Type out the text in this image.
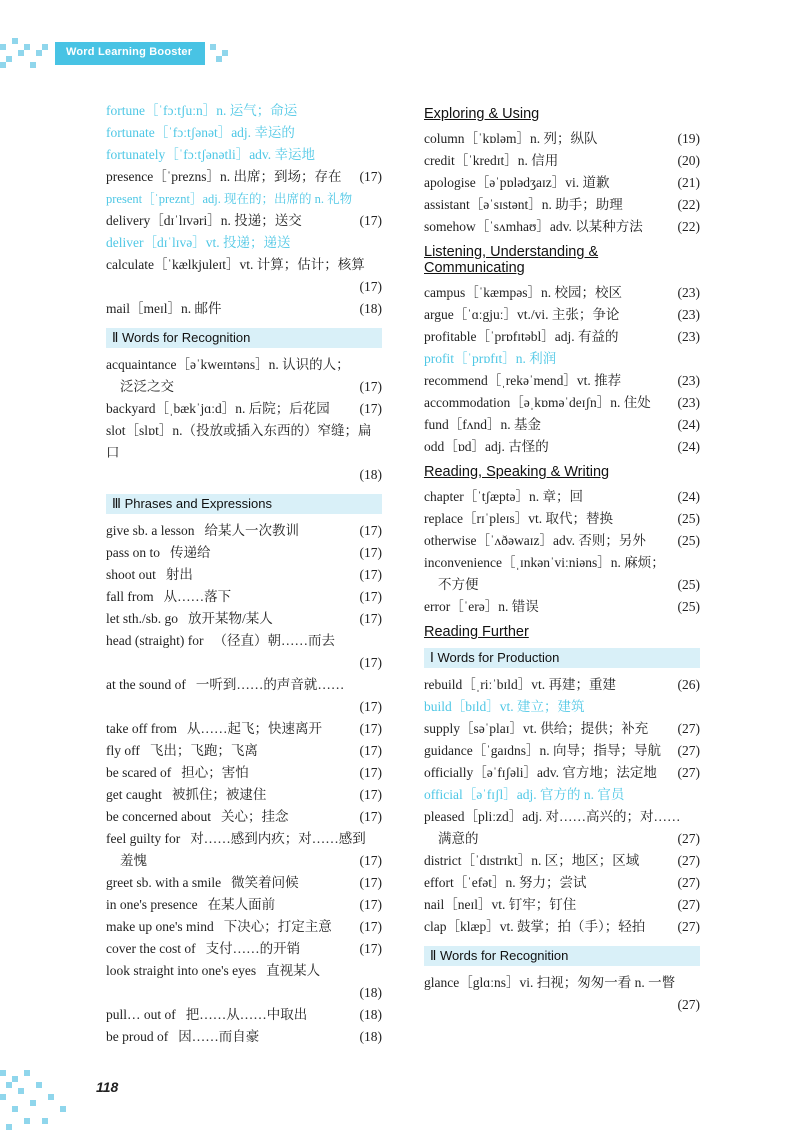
Word Learning Booster
fortune［ˈfɔːtʃuːn］n. 运气；命运
fortunate［ˈfɔːtʃənət］adj. 幸运的
fortunately［ˈfɔːtʃənətli］adv. 幸运地
presence［ˈprezns］n. 出席；到场；存在 (17)
present［ˈpreznt］adj. 现在的；出席的 n. 礼物
delivery［dɪˈlɪvəri］n. 投递；送交	(17)
deliver［dɪˈlɪvə］vt. 投递；递送
calculate［ˈkælkjuleɪt］vt. 计算；估计；核算
(17)
mail［meɪl］n. 邮件	(18)
Ⅱ Words for Recognition
acquaintance［əˈkweɪntəns］n. 认识的人；
泛泛之交	(17)
backyard［ˌbækˈjɑːd］n. 后院；后花园 (17)
slot［slɒt］n.（投放或插入东西的）窄缝；扁口
(18)
Ⅲ Phrases and Expressions
give sb. a lesson 给某人一次教训	(17)
pass on to 传递给	(17)
shoot out 射出	(17)
fall from 从……落下	(17)
let sth./sb. go 放开某物/某人	(17)
head (straight) for （径直）朝……而去
(17)
at the sound of 一听到……的声音就……
(17)
take off from 从……起飞；快速离开	(17)
fly off 飞出；飞跑；飞离	(17)
be scared of 担心；害怕	(17)
get caught 被抓住；被逮住	(17)
be concerned about 关心；挂念	(17)
feel guilty for 对……感到内疚；对……感到
羞愧	(17)
greet sb. with a smile 微笑着问候	(17)
in one's presence 在某人面前	(17)
make up one's mind 下决心；打定主意 (17)
cover the cost of 支付……的开销	(17)
look straight into one's eyes 直视某人
(18)
pull… out of 把……从……中取出	(18)
be proud of 因……而自豪	(18)
Exploring & Using
column［ˈkɒləm］n. 列；纵队	(19)
credit［ˈkredɪt］n. 信用	(20)
apologise［əˈpɒlədʒaɪz］vi. 道歉	(21)
assistant［əˈsɪstənt］n. 助手；助理	(22)
somehow［ˈsʌmhaʊ］adv. 以某种方法	(22)
Listening, Understanding & Communicating
campus［ˈkæmpəs］n. 校园；校区	(23)
argue［ˈɑːgjuː］vt./vi. 主张；争论	(23)
profitable［ˈprɒfɪtəbl］adj. 有益的	(23)
profit［ˈprɒfɪt］n. 利润
recommend［ˌrekəˈmend］vt. 推荐	(23)
accommodation［əˌkɒməˈdeɪʃn］n. 住处 (23)
fund［fʌnd］n. 基金	(24)
odd［ɒd］adj. 古怪的	(24)
Reading, Speaking & Writing
chapter［ˈtʃæptə］n. 章；回	(24)
replace［rɪˈpleɪs］vt. 取代；替换	(25)
otherwise［ˈʌðəwaɪz］adv. 否则；另外 (25)
inconvenience［ˌɪnkənˈviːniəns］n. 麻烦；
不方便	(25)
error［ˈerə］n. 错误	(25)
Reading Further
Ⅰ Words for Production
rebuild［ˌriːˈbɪld］vt. 再建；重建	(26)
build［bɪld］vt. 建立；建筑
supply［səˈplaɪ］vt. 供给；提供；补充 (27)
guidance［ˈgaɪdns］n. 向导；指导；导航 (27)
officially［əˈfɪʃəli］adv. 官方地；法定地 (27)
official［əˈfɪʃl］adj. 官方的 n. 官员
pleased［pliːzd］adj. 对……高兴的；对……
满意的	(27)
district［ˈdɪstrɪkt］n. 区；地区；区域	(27)
effort［ˈefət］n. 努力；尝试	(27)
nail［neɪl］vt. 钉牢；钉住	(27)
clap［klæp］vt. 鼓掌；拍（手）；轻拍 (27)
Ⅱ Words for Recognition
glance［glɑːns］vi. 扫视；匆匆一看 n. 一瞥
(27)
118
